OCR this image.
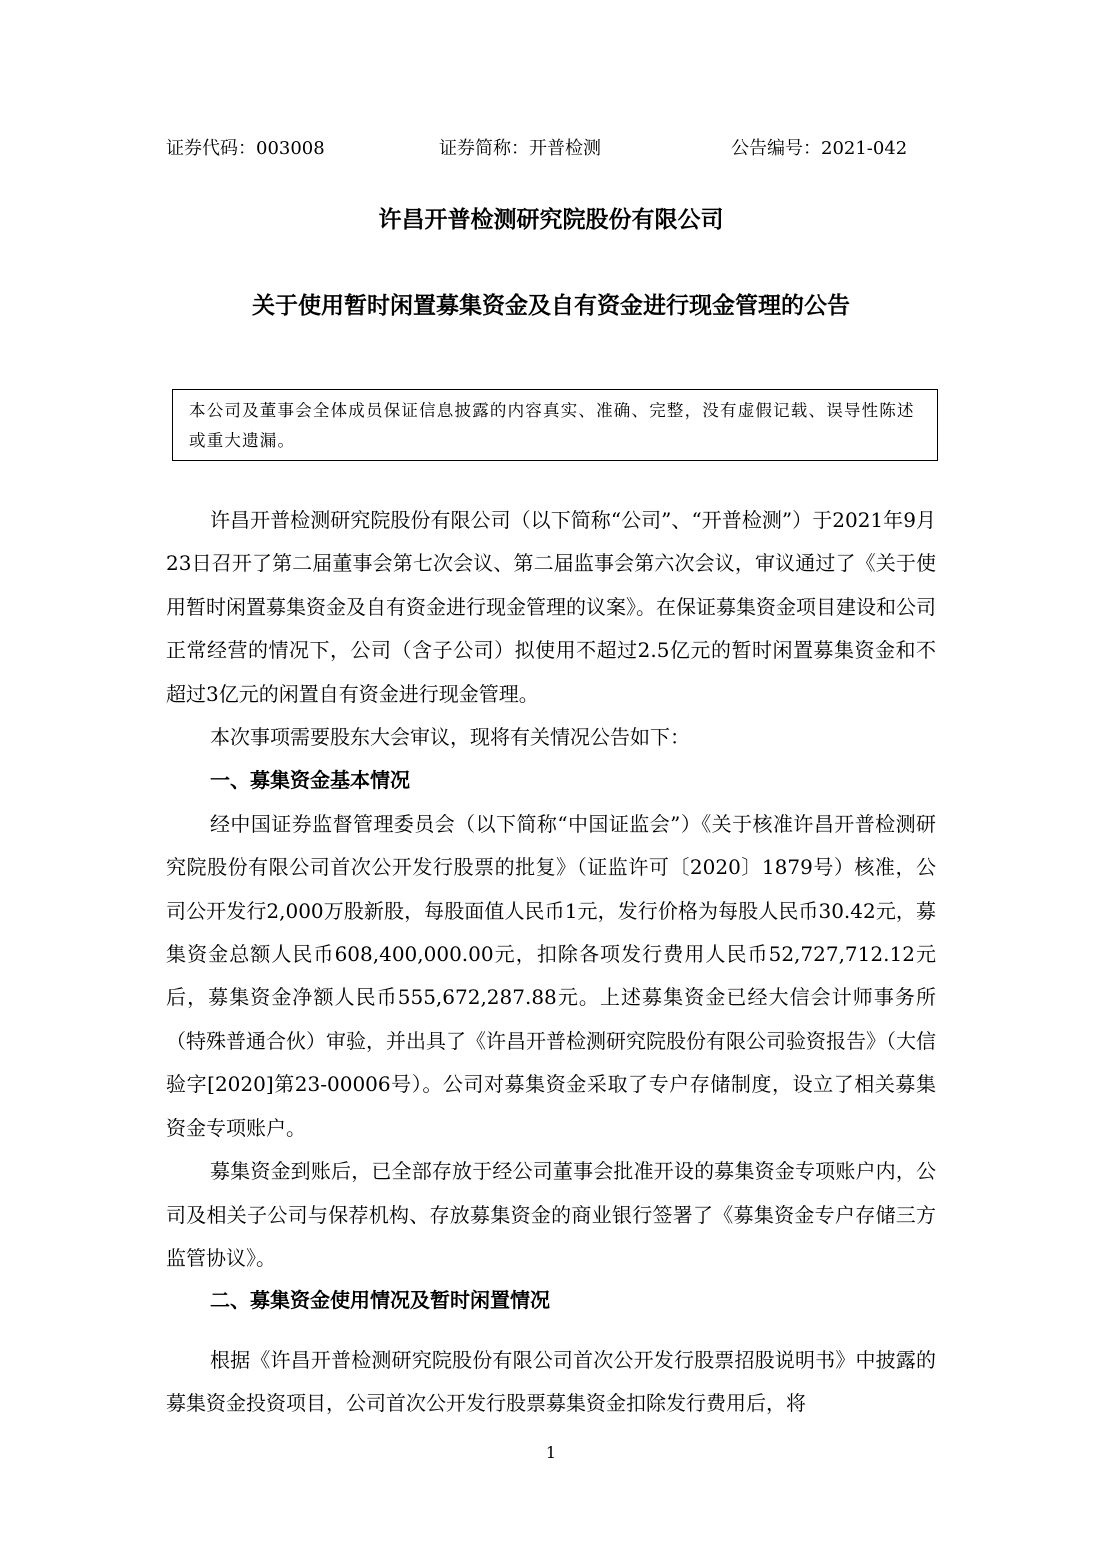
证券代码：003008	证券简称：开普检测	公告编号：2021-042
许昌开普检测研究院股份有限公司
关于使用暂时闲置募集资金及自有资金进行现金管理的公告
本公司及董事会全体成员保证信息披露的内容真实、准确、完整，没有虚假记载、误导性陈述或重大遗漏。

许昌开普检测研究院股份有限公司（以下简称“公司”、“开普检测”）于2021年9月23日召开了第二届董事会第七次会议、第二届监事会第六次会议，审议通过了《关于使用暂时闲置募集资金及自有资金进行现金管理的议案》。在保证募集资金项目建设和公司正常经营的情况下，公司（含子公司）拟使用不超过2.5亿元的暂时闲置募集资金和不超过3亿元的闲置自有资金进行现金管理。

本次事项需要股东大会审议，现将有关情况公告如下：

一、募集资金基本情况

经中国证券监督管理委员会（以下简称“中国证监会”）《关于核准许昌开普检测研究院股份有限公司首次公开发行股票的批复》（证监许可〔2020〕1879号）核准，公司公开发行2,000万股新股，每股面值人民币1元，发行价格为每股人民币30.42元，募集资金总额人民币608,400,000.00元，扣除各项发行费用人民币52,727,712.12元后，募集资金净额人民币555,672,287.88元。上述募集资金已经大信会计师事务所（特殊普通合伙）审验，并出具了《许昌开普检测研究院股份有限公司验资报告》（大信验字[2020]第23-00006号）。公司对募集资金采取了专户存储制度，设立了相关募集资金专项账户。

募集资金到账后，已全部存放于经公司董事会批准开设的募集资金专项账户内，公司及相关子公司与保荐机构、存放募集资金的商业银行签署了《募集资金专户存储三方监管协议》。

二、募集资金使用情况及暂时闲置情况

根据《许昌开普检测研究院股份有限公司首次公开发行股票招股说明书》中披露的募集资金投资项目，公司首次公开发行股票募集资金扣除发行费用后，将

1
